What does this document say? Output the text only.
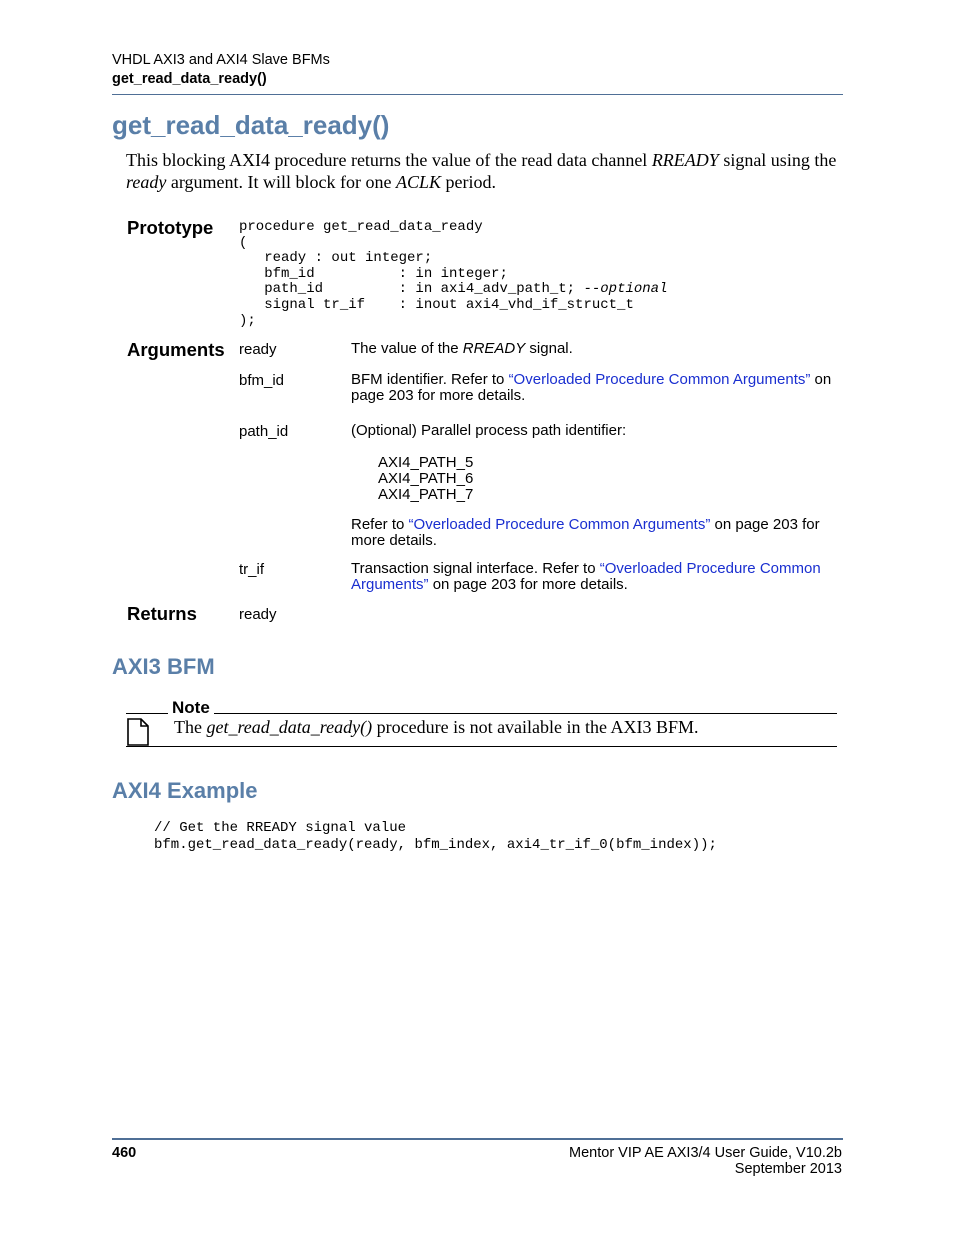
VHDL AXI3 and AXI4 Slave BFMs
get_read_data_ready()
get_read_data_ready()
This blocking AXI4 procedure returns the value of the read data channel RREADY signal using the ready argument. It will block for one ACLK period.
Prototype procedure get_read_data_ready
(
ready : out integer;
bfm_id          : in integer;
path_id         : in axi4_adv_path_t; --optional
signal tr_if    : inout axi4_vhd_if_struct_t
);
Arguments ready	The value of the RREADY signal.
bfm_id	BFM identifier. Refer to “Overloaded Procedure Common Arguments” on page 203 for more details.
path_id	(Optional) Parallel process path identifier:
AXI4_PATH_5
AXI4_PATH_6
AXI4_PATH_7
Refer to “Overloaded Procedure Common Arguments” on page 203 for more details.
tr_if	Transaction signal interface. Refer to “Overloaded Procedure Common Arguments” on page 203 for more details.
Returns	ready
AXI3 BFM
Note
The get_read_data_ready() procedure is not available in the AXI3 BFM.
AXI4 Example
// Get the RREADY signal value
bfm.get_read_data_ready(ready, bfm_index, axi4_tr_if_0(bfm_index));
460	Mentor VIP AE AXI3/4 User Guide, V10.2b
September 2013
